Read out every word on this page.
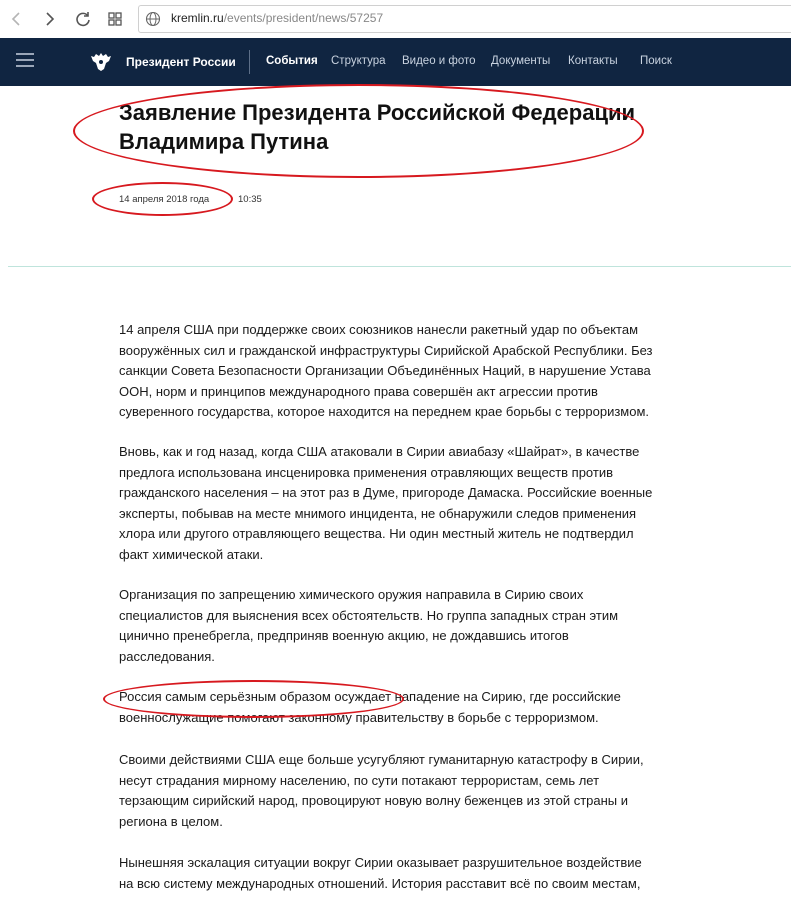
kremlin.ru/events/president/news/57257
Президент России	События Структура Видео и фото Документы Контакты Поиск
Заявление Президента Российской Федерации
Владимира Путина
14 апреля 2018 года	10:35
14 апреля США при поддержке своих союзников нанесли ракетный удар по объектам вооружённых сил и гражданской инфраструктуры Сирийской Арабской Республики. Без санкции Совета Безопасности Организации Объединённых Наций, в нарушение Устава ООН, норм и принципов международного права совершён акт агрессии против суверенного государства, которое находится на переднем крае борьбы с терроризмом.
Вновь, как и год назад, когда США атаковали в Сирии авиабазу «Шайрат», в качестве предлога использована инсценировка применения отравляющих веществ против гражданского населения – на этот раз в Думе, пригороде Дамаска. Российские военные эксперты, побывав на месте мнимого инцидента, не обнаружили следов применения хлора или другого отравляющего вещества. Ни один местный житель не подтвердил факт химической атаки.
Организация по запрещению химического оружия направила в Сирию своих специалистов для выяснения всех обстоятельств. Но группа западных стран этим цинично пренебрегла, предприняв военную акцию, не дождавшись итогов расследования.
Россия самым серьёзным образом осуждает нападение на Сирию, где российские военнослужащие помогают законному правительству в борьбе с терроризмом.
Своими действиями США еще больше усугубляют гуманитарную катастрофу в Сирии, несут страдания мирному населению, по сути потакают террористам, семь лет терзающим сирийский народ, провоцируют новую волну беженцев из этой страны и региона в целом.
Нынешняя эскалация ситуации вокруг Сирии оказывает разрушительное воздействие на всю систему международных отношений. История расставит всё по своим местам,
